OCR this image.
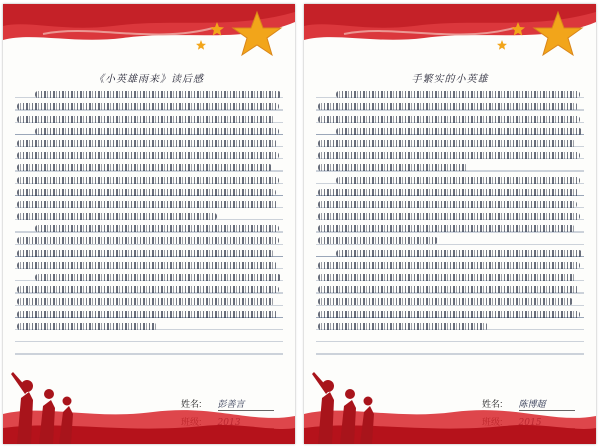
《小英雄雨来》读后感
姓名: 彭善言

手繁实的小英雄
姓名: 陈博超
